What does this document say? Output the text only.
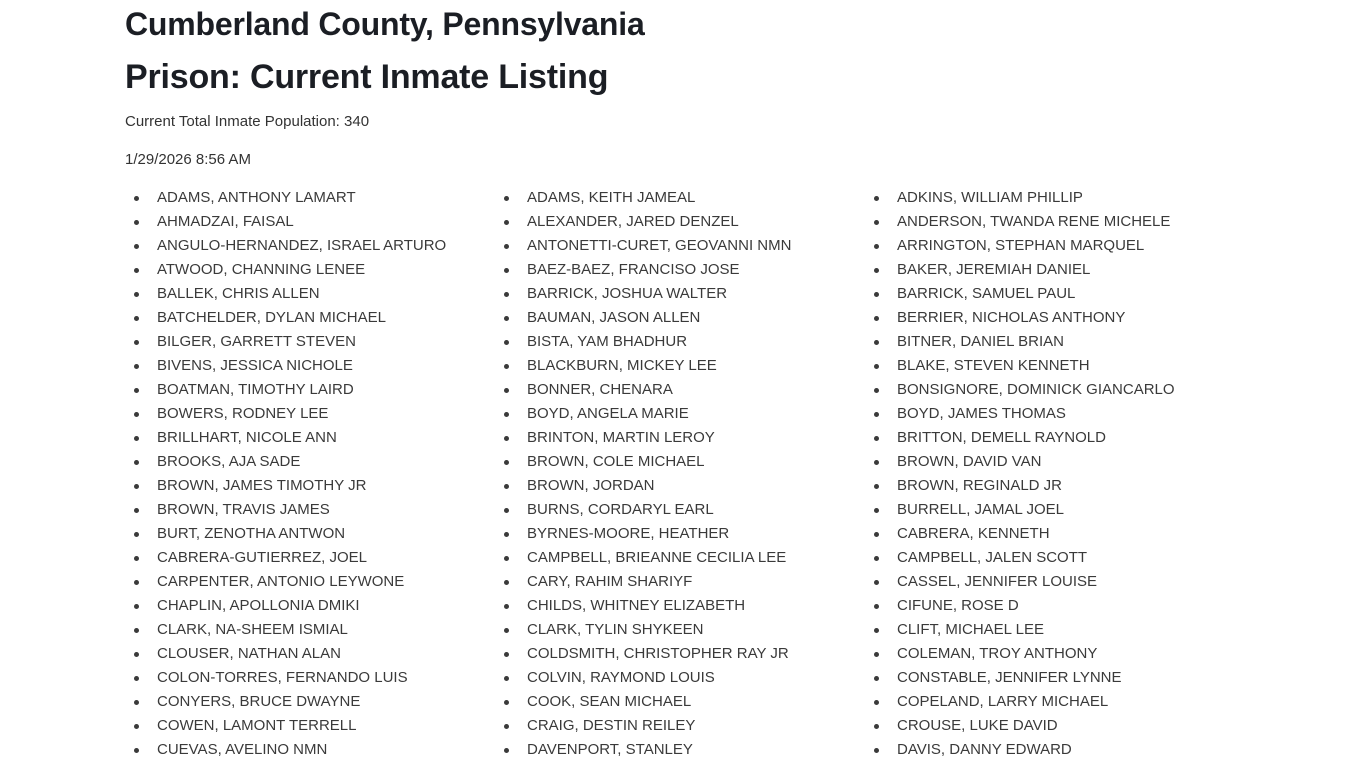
Cumberland County, Pennsylvania
Prison: Current Inmate Listing
Current Total Inmate Population: 340
1/29/2026 8:56 AM
ADAMS, ANTHONY LAMART	ADAMS, KEITH JAMEAL	ADKINS, WILLIAM PHILLIP
AHMADZAI, FAISAL	ALEXANDER, JARED DENZEL	ANDERSON, TWANDA RENE MICHELE
ANGULO-HERNANDEZ, ISRAEL ARTURO	ANTONETTI-CURET, GEOVANNI NMN	ARRINGTON, STEPHAN MARQUEL
ATWOOD, CHANNING LENEE	BAEZ-BAEZ, FRANCISO JOSE	BAKER, JEREMIAH DANIEL
BALLEK, CHRIS ALLEN	BARRICK, JOSHUA WALTER	BARRICK, SAMUEL PAUL
BATCHELDER, DYLAN MICHAEL	BAUMAN, JASON ALLEN	BERRIER, NICHOLAS ANTHONY
BILGER, GARRETT STEVEN	BISTA, YAM BHADHUR	BITNER, DANIEL BRIAN
BIVENS, JESSICA NICHOLE	BLACKBURN, MICKEY LEE	BLAKE, STEVEN KENNETH
BOATMAN, TIMOTHY LAIRD	BONNER, CHENARA	BONSIGNORE, DOMINICK GIANCARLO
BOWERS, RODNEY LEE	BOYD, ANGELA MARIE	BOYD, JAMES THOMAS
BRILLHART, NICOLE ANN	BRINTON, MARTIN LEROY	BRITTON, DEMELL RAYNOLD
BROOKS, AJA SADE	BROWN, COLE MICHAEL	BROWN, DAVID VAN
BROWN, JAMES TIMOTHY JR	BROWN, JORDAN	BROWN, REGINALD JR
BROWN, TRAVIS JAMES	BURNS, CORDARYL EARL	BURRELL, JAMAL JOEL
BURT, ZENOTHA ANTWON	BYRNES-MOORE, HEATHER	CABRERA, KENNETH
CABRERA-GUTIERREZ, JOEL	CAMPBELL, BRIEANNE CECILIA LEE	CAMPBELL, JALEN SCOTT
CARPENTER, ANTONIO LEYWONE	CARY, RAHIM SHARIYF	CASSEL, JENNIFER LOUISE
CHAPLIN, APOLLONIA DMIKI	CHILDS, WHITNEY ELIZABETH	CIFUNE, ROSE D
CLARK, NA-SHEEM ISMIAL	CLARK, TYLIN SHYKEEN	CLIFT, MICHAEL LEE
CLOUSER, NATHAN ALAN	COLDSMITH, CHRISTOPHER RAY JR	COLEMAN, TROY ANTHONY
COLON-TORRES, FERNANDO LUIS	COLVIN, RAYMOND LOUIS	CONSTABLE, JENNIFER LYNNE
CONYERS, BRUCE DWAYNE	COOK, SEAN MICHAEL	COPELAND, LARRY MICHAEL
COWEN, LAMONT TERRELL	CRAIG, DESTIN REILEY	CROUSE, LUKE DAVID
CUEVAS, AVELINO NMN	DAVENPORT, STANLEY	DAVIS, DANNY EDWARD
